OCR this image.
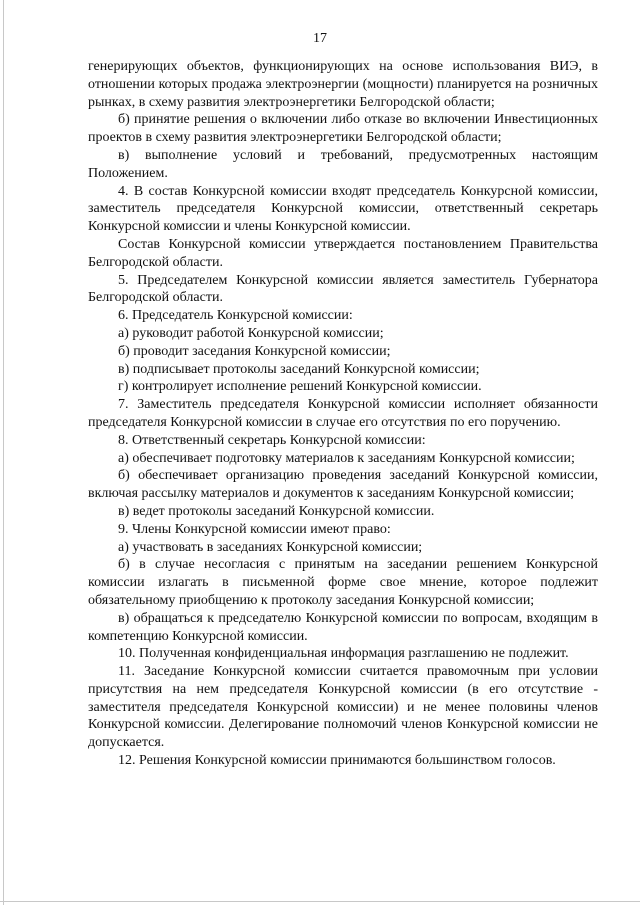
17

генерирующих объектов, функционирующих на основе использования ВИЭ, в отношении которых продажа электроэнергии (мощности) планируется на розничных рынках, в схему развития электроэнергетики Белгородской области;

б) принятие решения о включении либо отказе во включении Инвестиционных проектов в схему развития электроэнергетики Белгородской области;

в) выполнение условий и требований, предусмотренных настоящим Положением.

4. В состав Конкурсной комиссии входят председатель Конкурсной комиссии, заместитель председателя Конкурсной комиссии, ответственный секретарь Конкурсной комиссии и члены Конкурсной комиссии.

Состав Конкурсной комиссии утверждается постановлением Правительства Белгородской области.

5. Председателем Конкурсной комиссии является заместитель Губернатора Белгородской области.

6. Председатель Конкурсной комиссии:

а) руководит работой Конкурсной комиссии;

б) проводит заседания Конкурсной комиссии;

в) подписывает протоколы заседаний Конкурсной комиссии;

г) контролирует исполнение решений Конкурсной комиссии.

7. Заместитель председателя Конкурсной комиссии исполняет обязанности председателя Конкурсной комиссии в случае его отсутствия по его поручению.

8. Ответственный секретарь Конкурсной комиссии:

а) обеспечивает подготовку материалов к заседаниям Конкурсной комиссии;

б) обеспечивает организацию проведения заседаний Конкурсной комиссии, включая рассылку материалов и документов к заседаниям Конкурсной комиссии;

в) ведет протоколы заседаний Конкурсной комиссии.

9. Члены Конкурсной комиссии имеют право:

а) участвовать в заседаниях Конкурсной комиссии;

б) в случае несогласия с принятым на заседании решением Конкурсной комиссии излагать в письменной форме свое мнение, которое подлежит обязательному приобщению к протоколу заседания Конкурсной комиссии;

в) обращаться к председателю Конкурсной комиссии по вопросам, входящим в компетенцию Конкурсной комиссии.

10. Полученная конфиденциальная информация разглашению не подлежит.

11. Заседание Конкурсной комиссии считается правомочным при условии присутствия на нем председателя Конкурсной комиссии (в его отсутствие - заместителя председателя Конкурсной комиссии) и не менее половины членов Конкурсной комиссии. Делегирование полномочий членов Конкурсной комиссии не допускается.

12. Решения Конкурсной комиссии принимаются большинством голосов.
